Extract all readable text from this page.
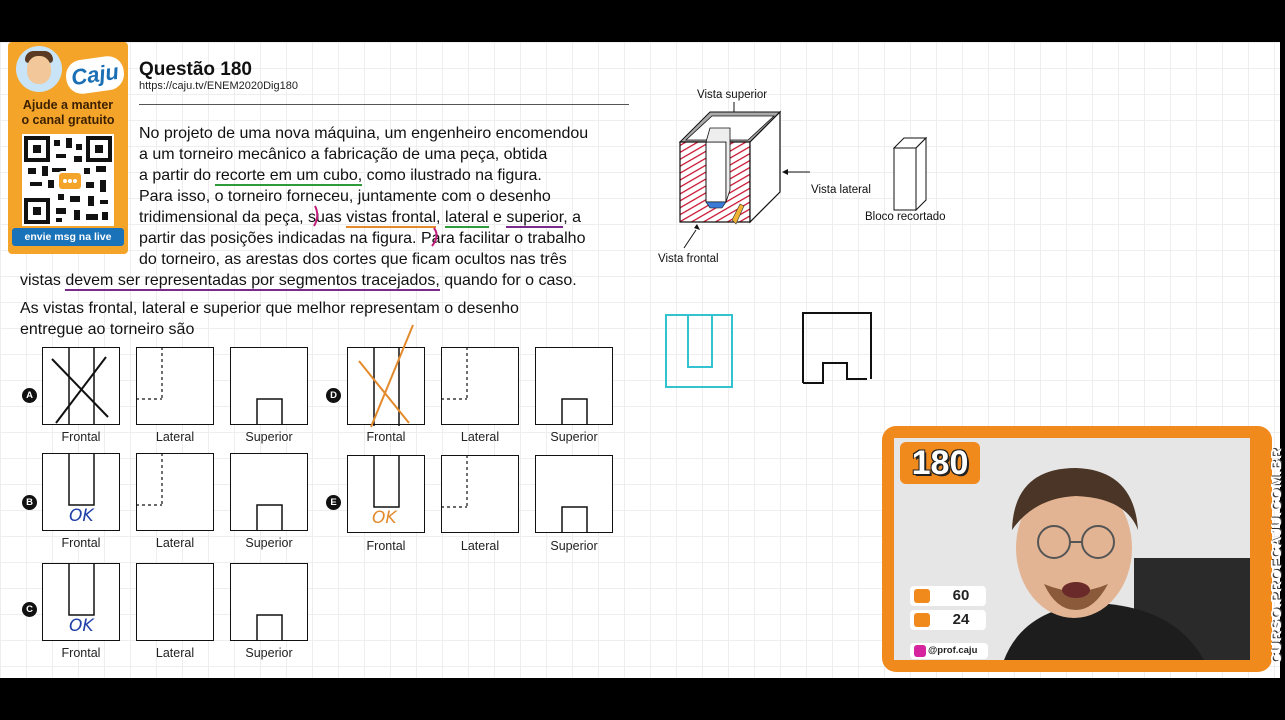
Caju
Ajude a manter
o canal gratuito
envie msg na live
Questão 180
https://caju.tv/ENEM2020Dig180
No projeto de uma nova máquina, um engenheiro encomendou
a um torneiro mecânico a fabricação de uma peça, obtida
a partir do recorte em um cubo, como ilustrado na figura.
Para isso, o torneiro forneceu, juntamente com o desenho
tridimensional da peça, suas vistas frontal, lateral e superior, a
partir das posições indicadas na figura. Para facilitar o trabalho
do torneiro, as arestas dos cortes que ficam ocultos nas três
vistas devem ser representadas por segmentos tracejados, quando for o caso.
As vistas frontal, lateral e superior que melhor representam o desenho
entregue ao torneiro são
A
Frontal	Lateral	Superior
B
OK
Frontal	Lateral	Superior
C
OK
Frontal	Lateral	Superior
D
Frontal	Lateral	Superior
E
OK
Frontal	Lateral	Superior
Vista superior
Vista lateral
Vista frontal
Bloco recortado
180
60
24
@prof.caju	CURSO.PROFCAJU.COM.BR
